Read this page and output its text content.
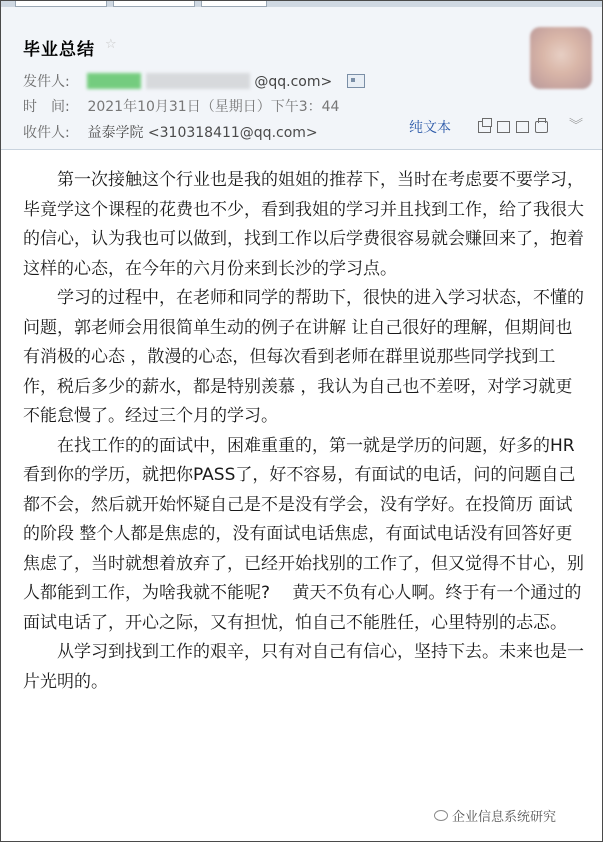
毕业总结 ☆
发件人:	@qq.com>
时　间: 2021年10月31日（星期日）下午3：44
收件人: 益泰学院 <310318411@qq.com>	纯文本	︾

　　第一次接触这个行业也是我的姐姐的推荐下，当时在考虑要不要学习，　毕竟学这个课程的花费也不少，看到我姐的学习并且找到工作，给了我很大的信心，认为我也可以做到，找到工作以后学费很容易就会赚回来了，抱着这样的心态，在今年的六月份来到长沙的学习点。

　　学习的过程中，在老师和同学的帮助下，很快的进入学习状态，不懂的问题，郭老师会用很简单生动的例子在讲解 让自己很好的理解，但期间也有消极的心态 ，散漫的心态，但每次看到老师在群里说那些同学找到工作，税后多少的薪水，都是特别羡慕 ，我认为自己也不差呀，对学习就更不能怠慢了。经过三个月的学习。

　　在找工作的的面试中，困难重重的，第一就是学历的问题，好多的HR 看到你的学历，就把你PASS了，好不容易，有面试的电话，问的问题自己都不会，然后就开始怀疑自己是不是没有学会，没有学好。在投简历 面试的阶段 整个人都是焦虑的，没有面试电话焦虑，有面试电话没有回答好更焦虑了，当时就想着放弃了，已经开始找别的工作了，但又觉得不甘心，别人都能到工作，为啥我就不能呢?　 黄天不负有心人啊。终于有一个通过的面试电话了，开心之际，又有担忧，怕自己不能胜任，心里特别的忐忑。

　　从学习到找到工作的艰辛，只有对自己有信心，坚持下去。未来也是一片光明的。

企业信息系统研究
